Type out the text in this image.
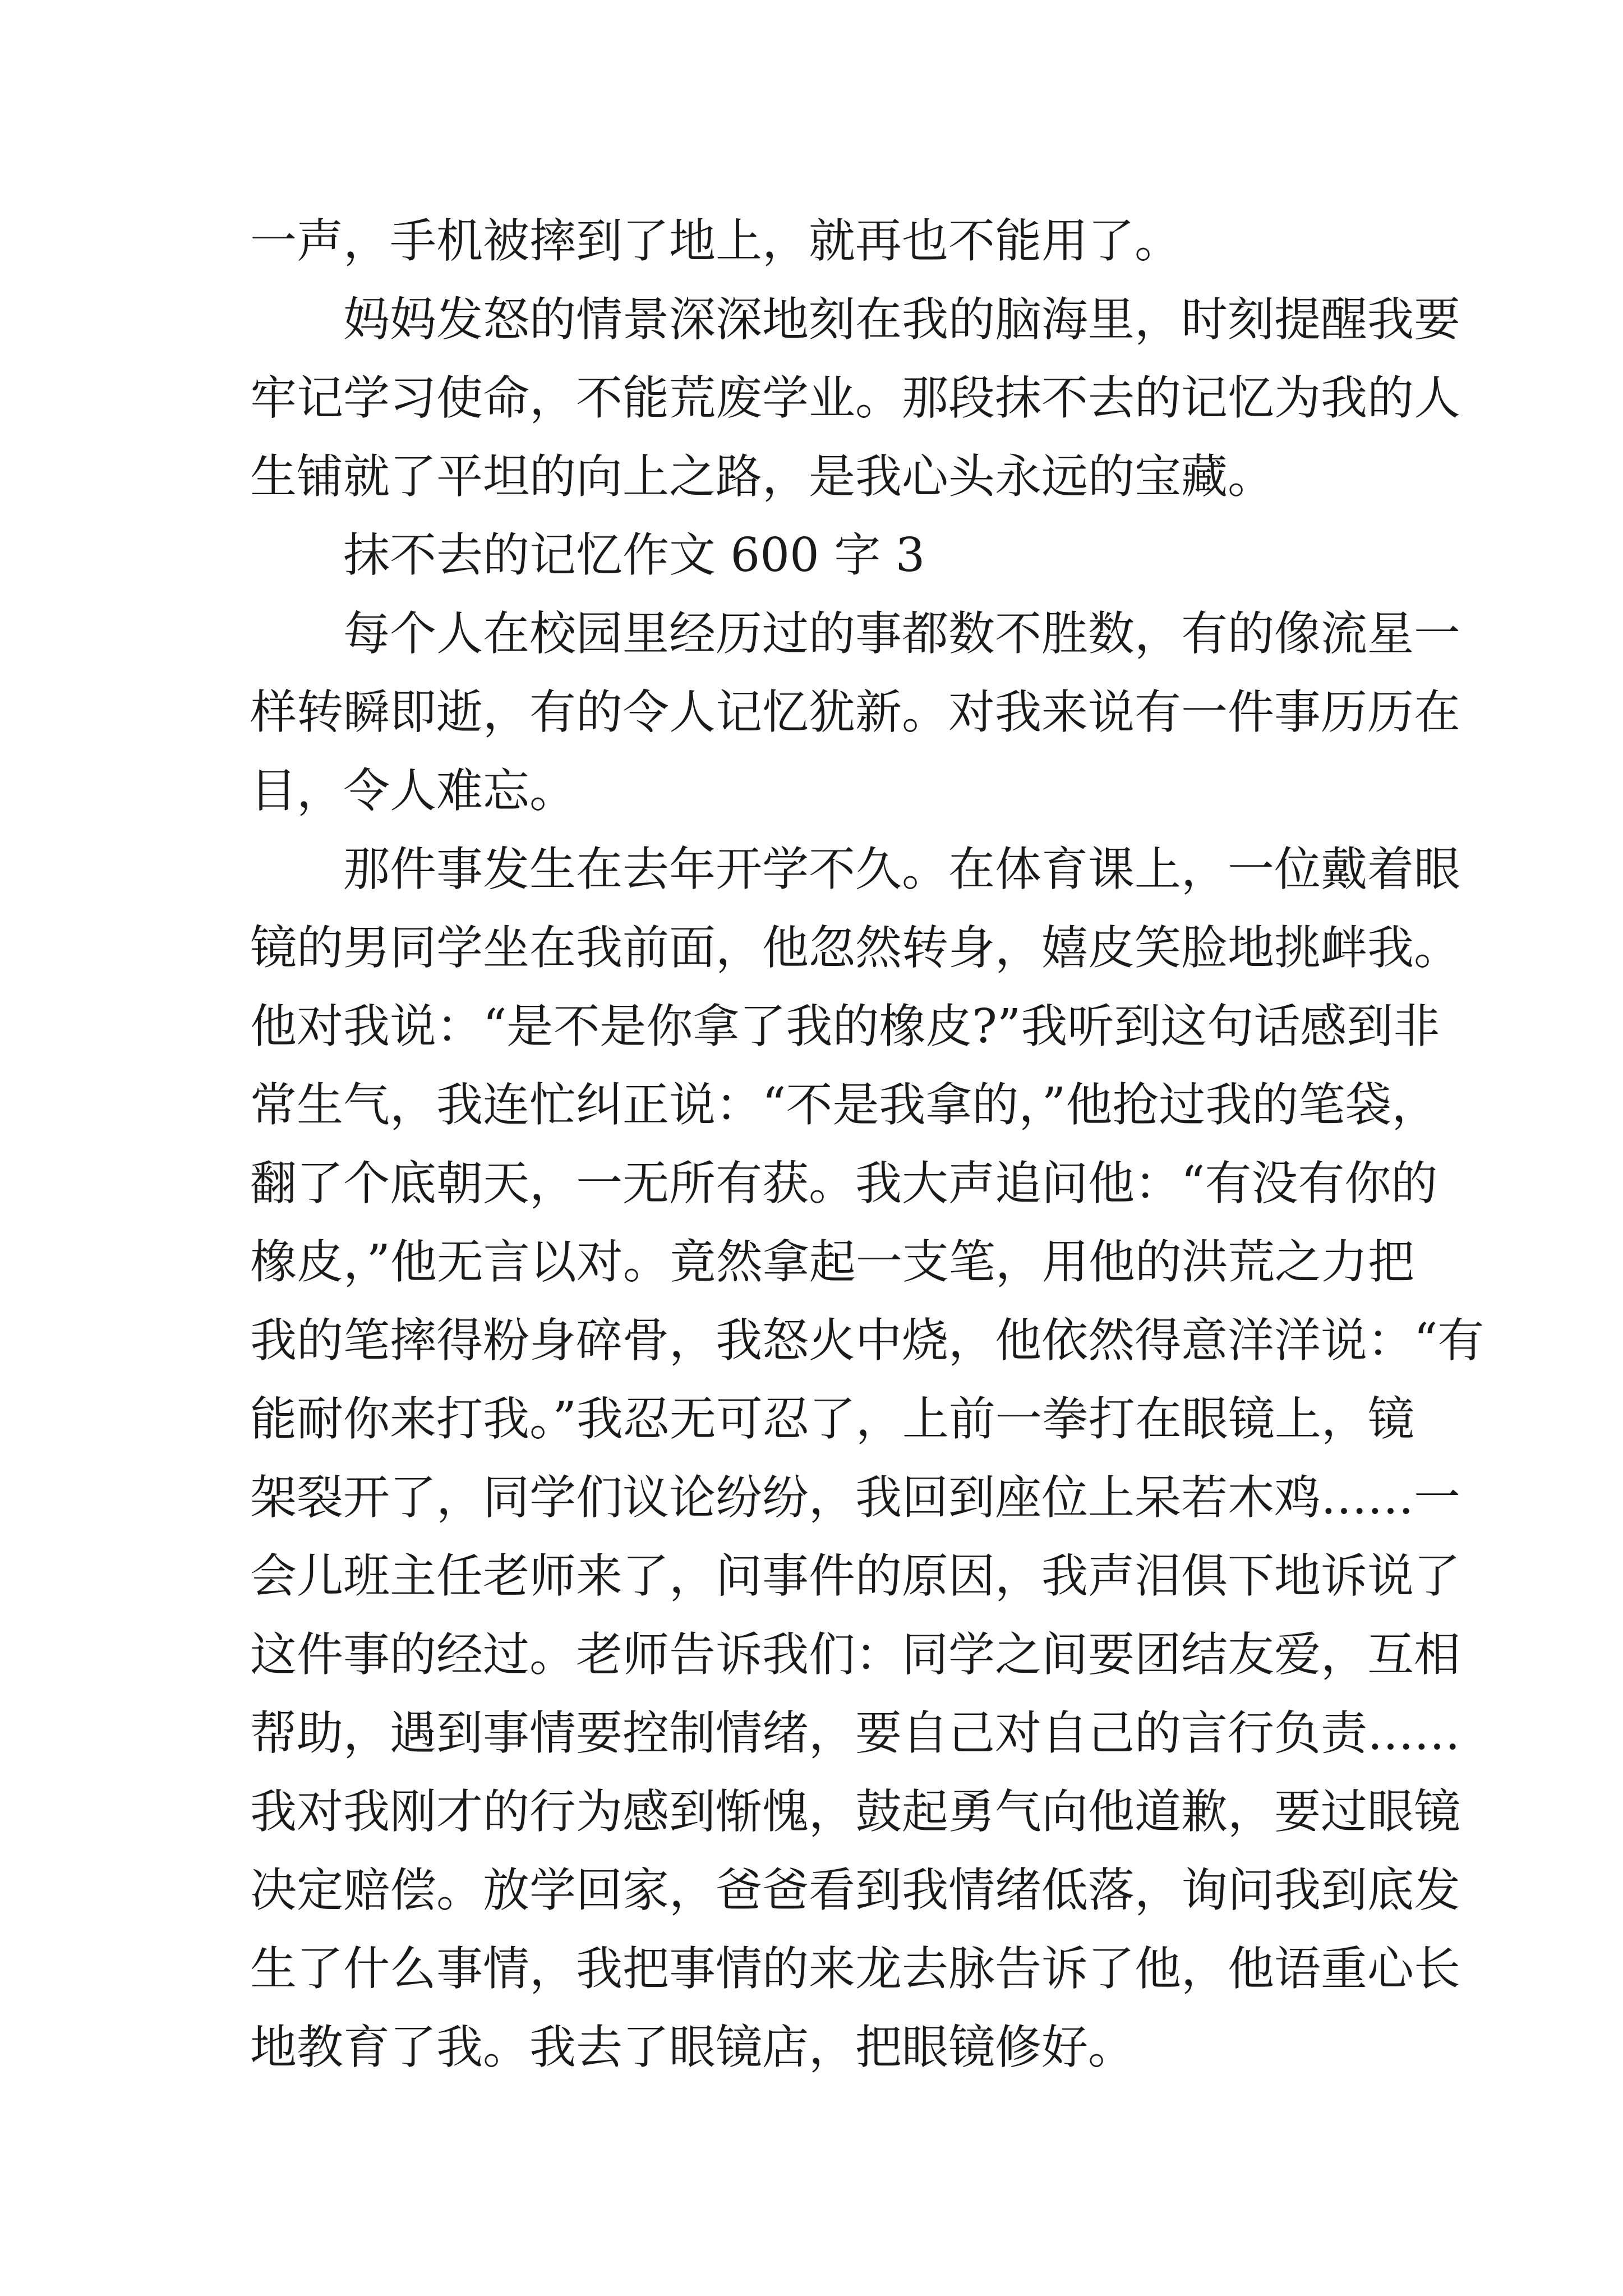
一声，手机被摔到了地上，就再也不能用了。
妈妈发怒的情景深深地刻在我的脑海里，时刻提醒我要
牢记学习使命，不能荒废学业。那段抹不去的记忆为我的人
生铺就了平坦的向上之路，是我心头永远的宝藏。
抹不去的记忆作文 600 字 3
每个人在校园里经历过的事都数不胜数，有的像流星一
样转瞬即逝，有的令人记忆犹新。对我来说有一件事历历在
目，令人难忘。
那件事发生在去年开学不久。在体育课上，一位戴着眼
镜的男同学坐在我前面，他忽然转身，嬉皮笑脸地挑衅我。
他对我说：“是不是你拿了我的橡皮?”我听到这句话感到非
常生气，我连忙纠正说：“不是我拿的，”他抢过我的笔袋，
翻了个底朝天，一无所有获。我大声追问他：“有没有你的
橡皮，”他无言以对。竟然拿起一支笔，用他的洪荒之力把
我的笔摔得粉身碎骨，我怒火中烧，他依然得意洋洋说：“有
能耐你来打我。”我忍无可忍了，上前一拳打在眼镜上，镜
架裂开了，同学们议论纷纷，我回到座位上呆若木鸡……一
会儿班主任老师来了，问事件的原因，我声泪俱下地诉说了
这件事的经过。老师告诉我们：同学之间要团结友爱，互相
帮助，遇到事情要控制情绪，要自己对自己的言行负责……
我对我刚才的行为感到惭愧，鼓起勇气向他道歉，要过眼镜
决定赔偿。放学回家，爸爸看到我情绪低落，询问我到底发
生了什么事情，我把事情的来龙去脉告诉了他，他语重心长
地教育了我。我去了眼镜店，把眼镜修好。
